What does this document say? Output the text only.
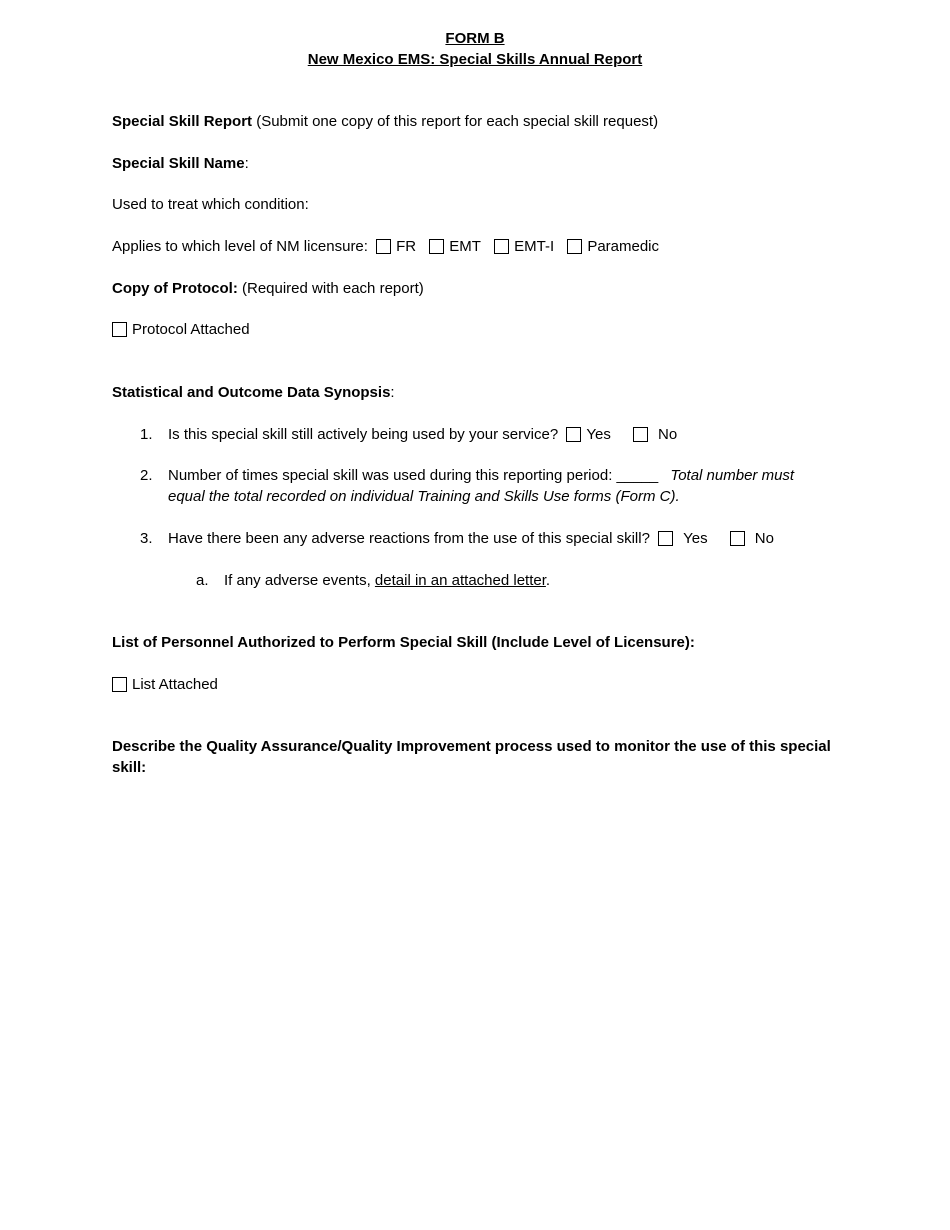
FORM B
New Mexico EMS: Special Skills Annual Report
Special Skill Report (Submit one copy of this report for each special skill request)
Special Skill Name:
Used to treat which condition:
Applies to which level of NM licensure: FR EMT EMT-I Paramedic
Copy of Protocol: (Required with each report)
Protocol Attached
Statistical and Outcome Data Synopsis:
1. Is this special skill still actively being used by your service? Yes	No
2. Number of times special skill was used during this reporting period: _____ Total number must
equal the total recorded on individual Training and Skills Use forms (Form C).
3. Have there been any adverse reactions from the use of this special skill? Yes	No
a. If any adverse events, detail in an attached letter.
List of Personnel Authorized to Perform Special Skill (Include Level of Licensure):
List Attached
Describe the Quality Assurance/Quality Improvement process used to monitor the use of this special
skill:
